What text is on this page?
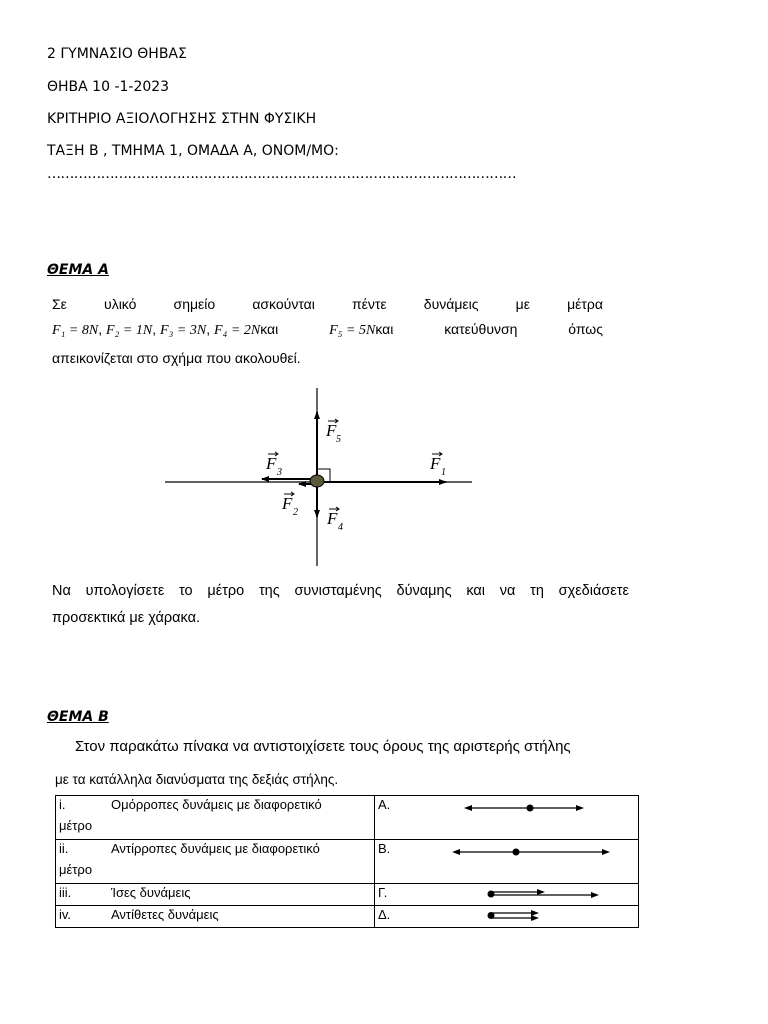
2 ΓΥΜΝΑΣΙΟ ΘΗΒΑΣ
ΘΗΒΑ 10 -1-2023
ΚΡΙΤΗΡΙΟ ΑΞΙΟΛΟΓΗΣΗΣ ΣΤΗΝ ΦΥΣΙΚΗ
ΤΑΞΗ Β , ΤΜΗΜΑ 1, ΟΜΑΔΑ Α, ΟΝΟΜ/ΜΟ:
……………………………………………………………………………………………
ΘΕΜΑ Α
Σε	υλικό	σημείο	ασκούνται	πέντε	δυνάμεις	με	μέτρα
F₁ = 8N, F₂ = 1N, F₃ = 3N, F₄ = 2Nκαι	F₅ = 5Nκαι	κατεύθυνση	όπως
απεικονίζεται στο σχήμα που ακολουθεί.
F 5
F 3	F 1
F 2 F 4
Να υπολογίσετε το μέτρο της συνισταμένης δύναμης και να τη σχεδιάσετε
προσεκτικά με χάρακα.
ΘΕΜΑ Β
Στον παρακάτω πίνακα να αντιστοιχίσετε τους όρους της αριστερής στήλης
με τα κατάλληλα διανύσματα της δεξιάς στήλης.
i. Ομόρροπες δυνάμεις με διαφορετικό
μέτρο	Α.

ii. Αντίρροπες δυνάμεις με διαφορετικό
μέτρο	Β.

iii. Ίσες δυνάμεις	Γ.

iv. Αντίθετες δυνάμεις	Δ.
